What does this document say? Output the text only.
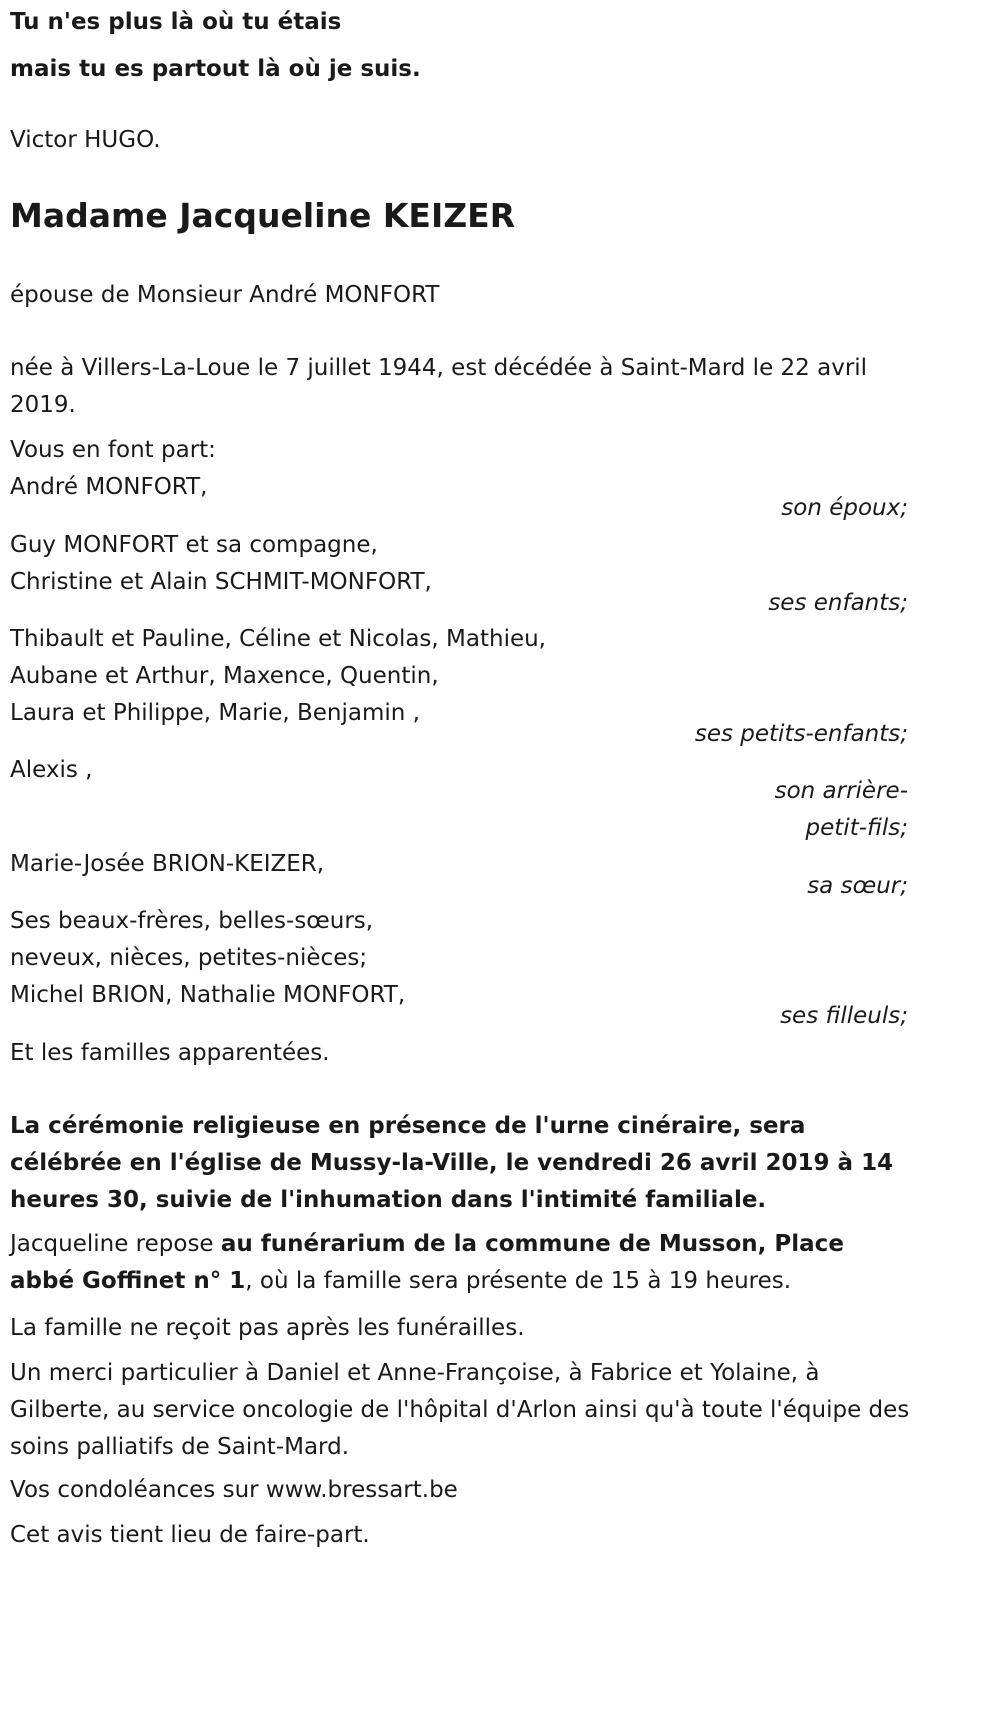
Tu n'es plus là où tu étais
mais tu es partout là où je suis.
Victor HUGO.
Madame Jacqueline KEIZER
épouse de Monsieur André MONFORT
née à Villers-La-Loue le 7 juillet 1944, est décédée à Saint-Mard le 22 avril 2019.
Vous en font part:
André MONFORT,
son époux;
Guy MONFORT et sa compagne,
Christine et Alain SCHMIT-MONFORT,
ses enfants;
Thibault et Pauline, Céline et Nicolas, Mathieu,
Aubane et Arthur, Maxence, Quentin,
Laura et Philippe, Marie, Benjamin ,
ses petits-enfants;
Alexis ,
son arrière-
petit-fils;
Marie-Josée BRION-KEIZER,
sa sœur;
Ses beaux-frères, belles-sœurs,
neveux, nièces, petites-nièces;
Michel BRION, Nathalie MONFORT,
ses filleuls;
Et les familles apparentées.
La cérémonie religieuse en présence de l'urne cinéraire, sera célébrée en l'église de Mussy-la-Ville, le vendredi 26 avril 2019 à 14 heures 30, suivie de l'inhumation dans l'intimité familiale.
Jacqueline repose au funérarium de la commune de Musson, Place abbé Goffinet n° 1, où la famille sera présente de 15 à 19 heures.
La famille ne reçoit pas après les funérailles.
Un merci particulier à Daniel et Anne-Françoise, à Fabrice et Yolaine, à Gilberte, au service oncologie de l'hôpital d'Arlon ainsi qu'à toute l'équipe des soins palliatifs de Saint-Mard.
Vos condoléances sur www.bressart.be
Cet avis tient lieu de faire-part.
